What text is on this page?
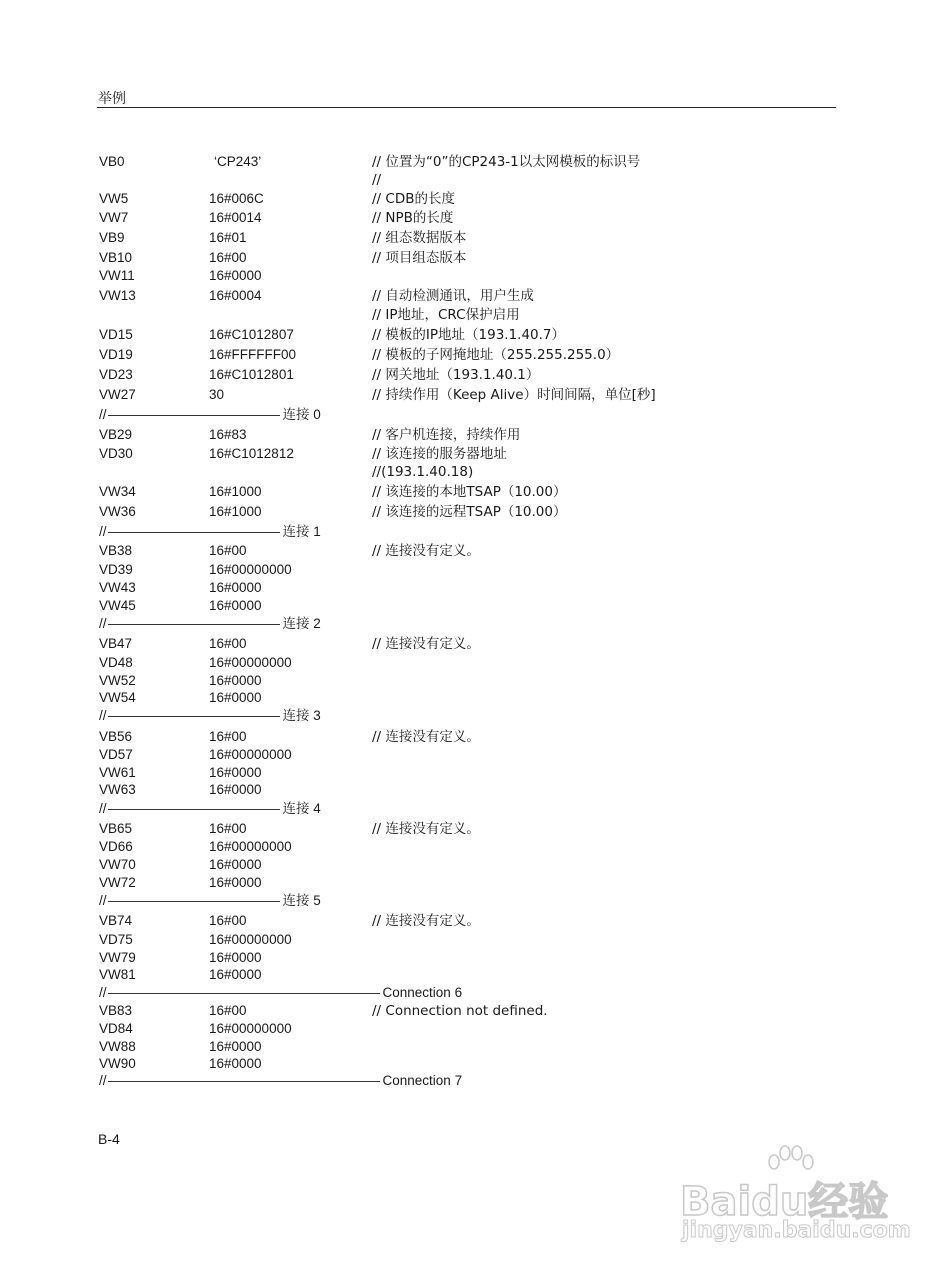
举例
VB0	‘CP243’	// 位置为“0”的CP243-1以太网模板的标识号
//
VW5	16#006C	// CDB的长度
VW7	16#0014	// NPB的长度
VB9	16#01	// 组态数据版本
VB10	16#00	// 项目组态版本
VW11	16#0000
VW13	16#0004	// 自动检测通讯，用户生成
// IP地址，CRC保护启用
VD15	16#C1012807	// 模板的IP地址（193.1.40.7）
VD19	16#FFFFFF00	// 模板的子网掩地址（255.255.255.0）
VD23	16#C1012801	// 网关地址（193.1.40.1）
VW27	30	// 持续作用（Keep Alive）时间间隔，单位[秒]
//	连接 0
VB29	16#83	// 客户机连接，持续作用
VD30	16#C1012812	// 该连接的服务器地址
//(193.1.40.18)
VW34	16#1000	// 该连接的本地TSAP（10.00）
VW36	16#1000	// 该连接的远程TSAP（10.00）
//	连接 1
VB38	16#00	// 连接没有定义。
VD39	16#00000000
VW43	16#0000
VW45	16#0000
//	连接 2
VB47	16#00	// 连接没有定义。
VD48	16#00000000
VW52	16#0000
VW54	16#0000
//	连接 3
VB56	16#00	// 连接没有定义。
VD57	16#00000000
VW61	16#0000
VW63	16#0000
//	连接 4
VB65	16#00	// 连接没有定义。
VD66	16#00000000
VW70	16#0000
VW72	16#0000
//	连接 5
VB74	16#00	// 连接没有定义。
VD75	16#00000000
VW79	16#0000
VW81	16#0000
//	Connection 6
VB83	16#00	// Connection not defined.
VD84	16#00000000
VW88	16#0000
VW90	16#0000
//	Connection 7
B-4
Baidu经验
jingyan.baidu.com
